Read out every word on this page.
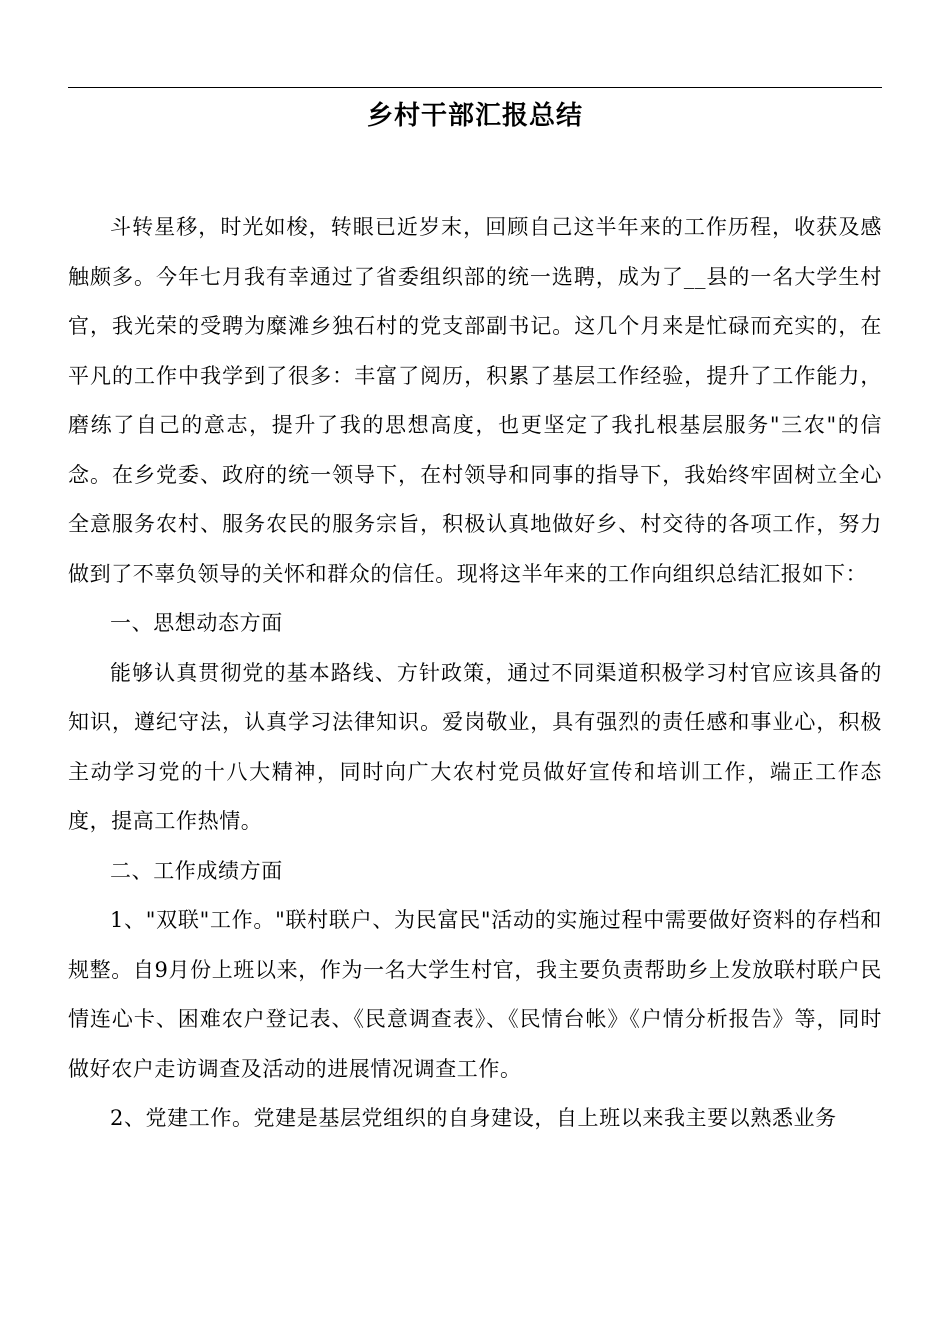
乡村干部汇报总结

斗转星移，时光如梭，转眼已近岁末，回顾自己这半年来的工作历程，收获及感触颇多。今年七月我有幸通过了省委组织部的统一选聘，成为了__县的一名大学生村官，我光荣的受聘为糜滩乡独石村的党支部副书记。这几个月来是忙碌而充实的，在平凡的工作中我学到了很多：丰富了阅历，积累了基层工作经验，提升了工作能力，磨练了自己的意志，提升了我的思想高度，也更坚定了我扎根基层服务"三农"的信念。在乡党委、政府的统一领导下，在村领导和同事的指导下，我始终牢固树立全心全意服务农村、服务农民的服务宗旨，积极认真地做好乡、村交待的各项工作，努力做到了不辜负领导的关怀和群众的信任。现将这半年来的工作向组织总结汇报如下：

一、思想动态方面

能够认真贯彻党的基本路线、方针政策，通过不同渠道积极学习村官应该具备的知识，遵纪守法，认真学习法律知识。爱岗敬业，具有强烈的责任感和事业心，积极主动学习党的十八大精神，同时向广大农村党员做好宣传和培训工作，端正工作态度，提高工作热情。

二、工作成绩方面

1、"双联"工作。"联村联户、为民富民"活动的实施过程中需要做好资料的存档和规整。自9月份上班以来，作为一名大学生村官，我主要负责帮助乡上发放联村联户民情连心卡、困难农户登记表、《民意调查表》、《民情台帐》《户情分析报告》等，同时做好农户走访调查及活动的进展情况调查工作。

2、党建工作。党建是基层党组织的自身建设，自上班以来我主要以熟悉业务
